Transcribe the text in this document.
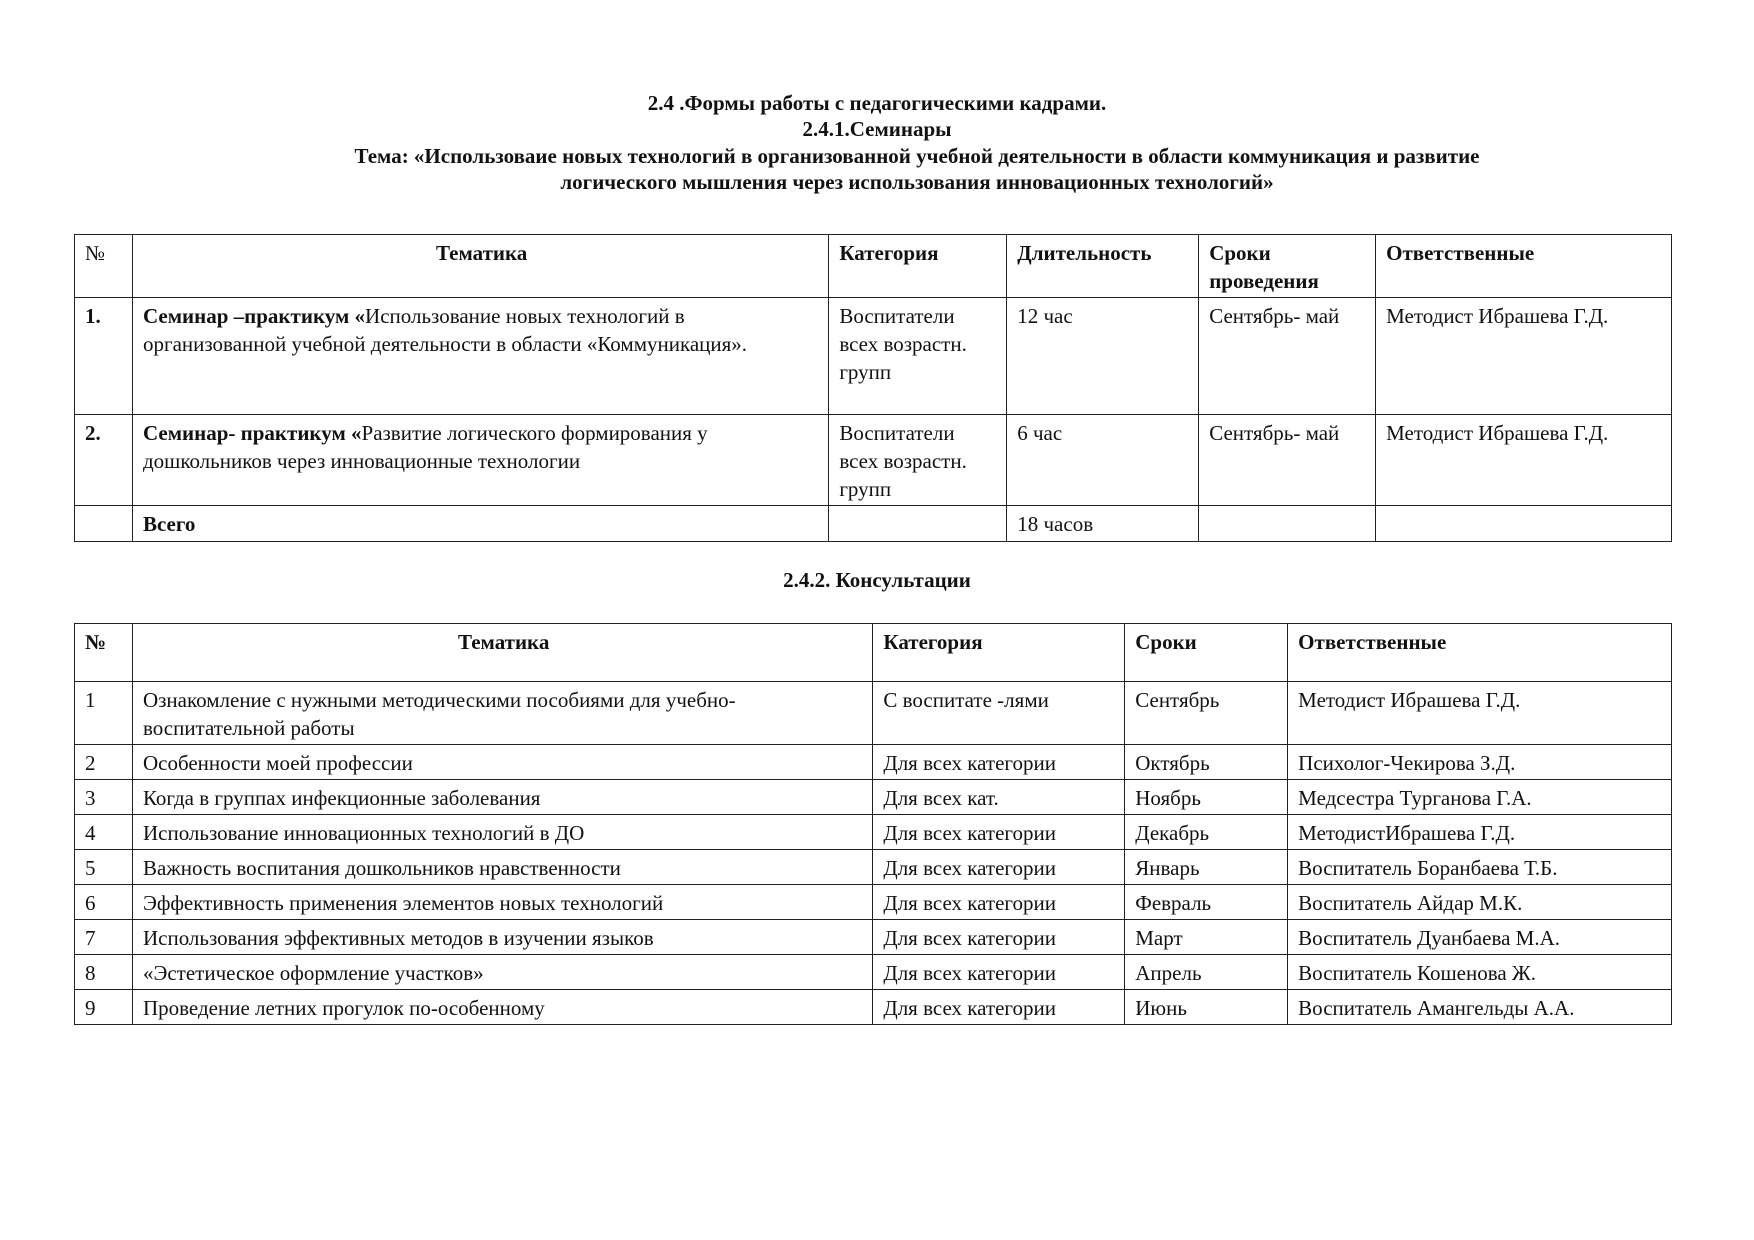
2.4 .Формы работы с педагогическими кадрами.
2.4.1.Семинары
Тема: «Использоваие новых технологий в организованной учебной деятельности в области коммуникация и развитие
логического мышления через использования инновационных технологий»
№	Тематика	Категория	Длительность	Сроки проведения	Ответственные
1.	Семинар –практикум «Использование новых технологий в организованной учебной деятельности в области «Коммуникация».	Воспитатели всех возрастн. групп	12 час	Сентябрь- май	Методист Ибрашева Г.Д.
2.	Семинар- практикум «Развитие логического формирования у дошкольников через инновационные технологии	Воспитатели всех возрастн. групп	6 час	Сентябрь- май	Методист Ибрашева Г.Д.
	Всего		18 часов		
2.4.2. Консультации
№	Тематика	Категория	Сроки	Ответственные
1	Ознакомление с нужными методическими пособиями для учебно-воспитательной работы	С воспитате -лями	Сентябрь	Методист Ибрашева Г.Д.
2	Особенности моей профессии	Для всех категории	Октябрь	Психолог-Чекирова З.Д.
3	Когда в группах инфекционные заболевания	Для всех кат.	Ноябрь	Медсестра Турганова Г.А.
4	Использование инновационных технологий в ДО	Для всех категории	Декабрь	МетодистИбрашева Г.Д.
5	Важность воспитания дошкольников нравственности	Для всех категории	Январь	Воспитатель Боранбаева Т.Б.
6	Эффективность применения элементов новых технологий	Для всех категории	Февраль	Воспитатель Айдар М.К.
7	Использования эффективных методов в изучении языков	Для всех категории	Март	Воспитатель Дуанбаева М.А.
8	«Эстетическое оформление участков»	Для всех категории	Апрель	Воспитатель Кошенова Ж.
9	Проведение летних прогулок по-особенному	Для всех категории	Июнь	Воспитатель Амангельды А.А.
